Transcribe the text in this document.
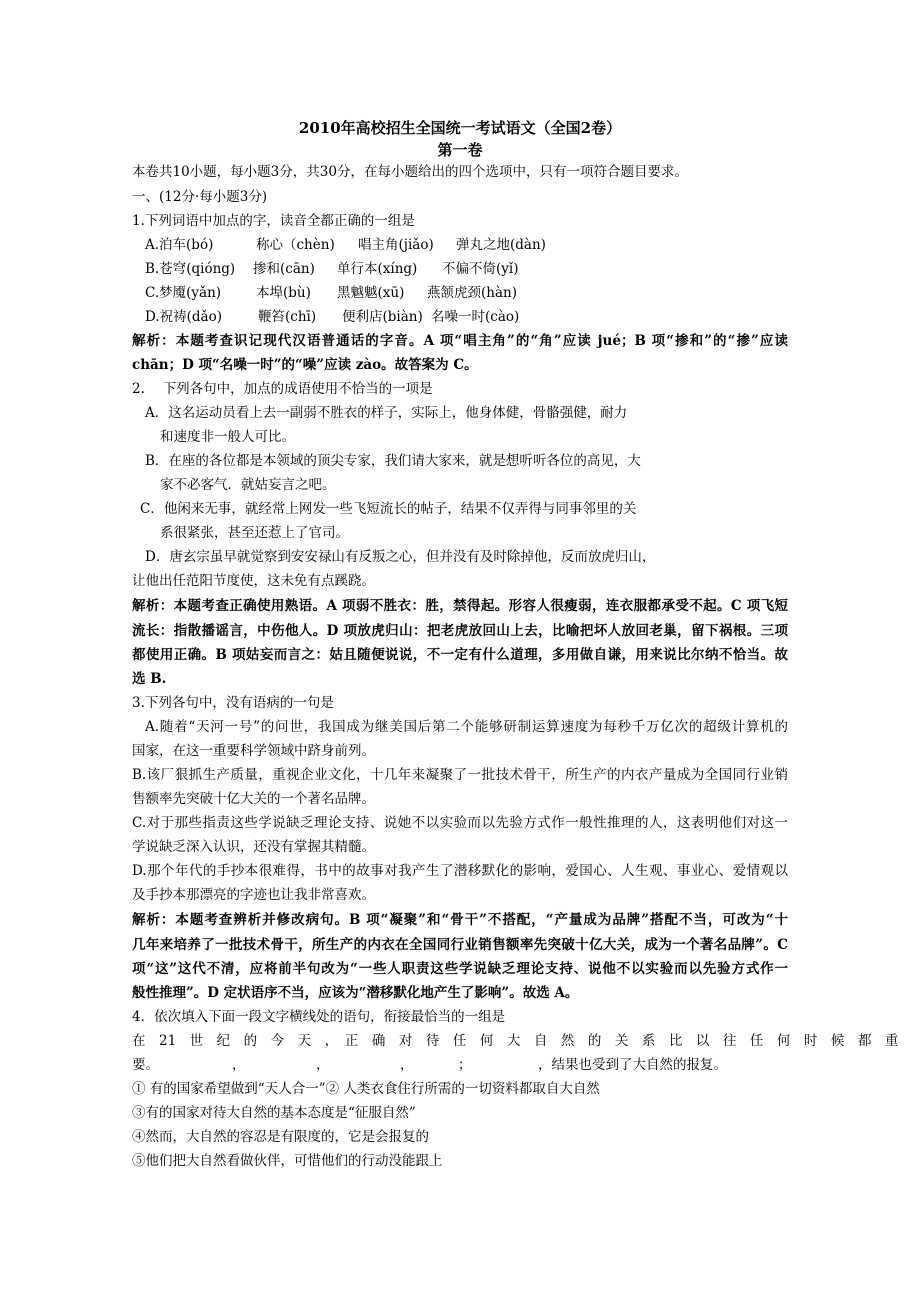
2010年高校招生全国统一考试语文（全国2卷）
第一卷
本卷共10小题，每小题3分，共30分，在每小题给出的四个选项中，只有一项符合题目要求。
一、(12分·每小题3分)
1.下列词语中加点的字，读音全都正确的一组是
A.泊车(bó)	称心（chèn) 唱主角(jiǎo) 弹丸之地(dàn)
B.苍穹(qióng) 掺和(cān) 单行本(xíng) 不偏不倚(yǐ)
C.梦魇(yǎn)	本埠(bù) 黑魆魆(xū) 燕颔虎颈(hàn)
D.祝祷(dǎo)	鞭笞(chī) 便利店(biàn) 名噪一时(cào)
解析：本题考查识记现代汉语普通话的字音。A 项“唱主角”的“角”应读 jué；B 项“掺和”的“掺”应读
chān；D 项“名噪一时”的“噪”应读 zào。故答案为 C。
2.　 下列各句中，加点的成语使用不恰当的一项是
A．这名运动员看上去一副弱不胜衣的样子，实际上，他身体健，骨骼强健，耐力
和速度非一般人可比。
B．在座的各位都是本领域的顶尖专家，我们请大家来，就是想听听各位的高见，大
家不必客气．就姑妄言之吧。
C．他闲来无事，就经常上网发一些飞短流长的帖子，结果不仅弄得与同事邻里的关
系很紧张，甚至还惹上了官司。
D．唐玄宗虽早就觉察到安安禄山有反叛之心，但并没有及时除掉他，反而放虎归山，
让他出任范阳节度使，这未免有点蹊跷。
解析：本题考查正确使用熟语。A 项弱不胜衣：胜，禁得起。形容人很瘦弱，连衣服都承受不起。C 项飞短
流长：指散播谣言，中伤他人。D 项放虎归山：把老虎放回山上去，比喻把坏人放回老巢，留下祸根。三项
都使用正确。B 项姑妄而言之：姑且随便说说，不一定有什么道理，多用做自谦，用来说比尔纳不恰当。故
选 B.
3.下列各句中，没有语病的一句是
A.随着“天河一号”的问世，我国成为继美国后第二个能够研制运算速度为每秒千万亿次的超级计算机的
国家，在这一重要科学领域中跻身前列。
B.该厂狠抓生产质量，重视企业文化，十几年来凝聚了一批技术骨干，所生产的内衣产量成为全国同行业销
售额率先突破十亿大关的一个著名品牌。
C.对于那些指责这些学说缺乏理论支持、说她不以实验而以先验方式作一般性推理的人，这表明他们对这一
学说缺乏深入认识，还没有掌握其精髓。
D.那个年代的手抄本很难得，书中的故事对我产生了潜移默化的影响，爱国心、人生观、事业心、爱情观以
及手抄本那漂亮的字迹也让我非常喜欢。
解析：本题考查辨析并修改病句。B 项“凝聚”和“骨干”不搭配，“产量成为品牌”搭配不当，可改为“十
几年来培养了一批技术骨干，所生产的内衣在全国同行业销售额率先突破十亿大关，成为一个著名品牌”。C
项“这”这代不清，应将前半句改为“一些人职责这些学说缺乏理论支持、说他不以实验而以先验方式作一
般性推理”。D 定状语序不当，应该为“潜移默化地产生了影响”。故选 A。
4．依次填入下面一段文字横线处的语句，衔接最恰当的一组是
在　21　世　纪　的　今　天　，　正　确　对　待　任　何　大　自　然　的　关　系　比　以　往　任　何　时　候　都　重
要。	，	，	，	；	，结果也受到了大自然的报复。
① 有的国家希望做到“天人合一”② 人类衣食住行所需的一切资料都取自大自然
③有的国家对待大自然的基本态度是“征服自然”
④然而，大自然的容忍是有限度的，它是会报复的
⑤他们把大自然看做伙伴，可惜他们的行动没能跟上
